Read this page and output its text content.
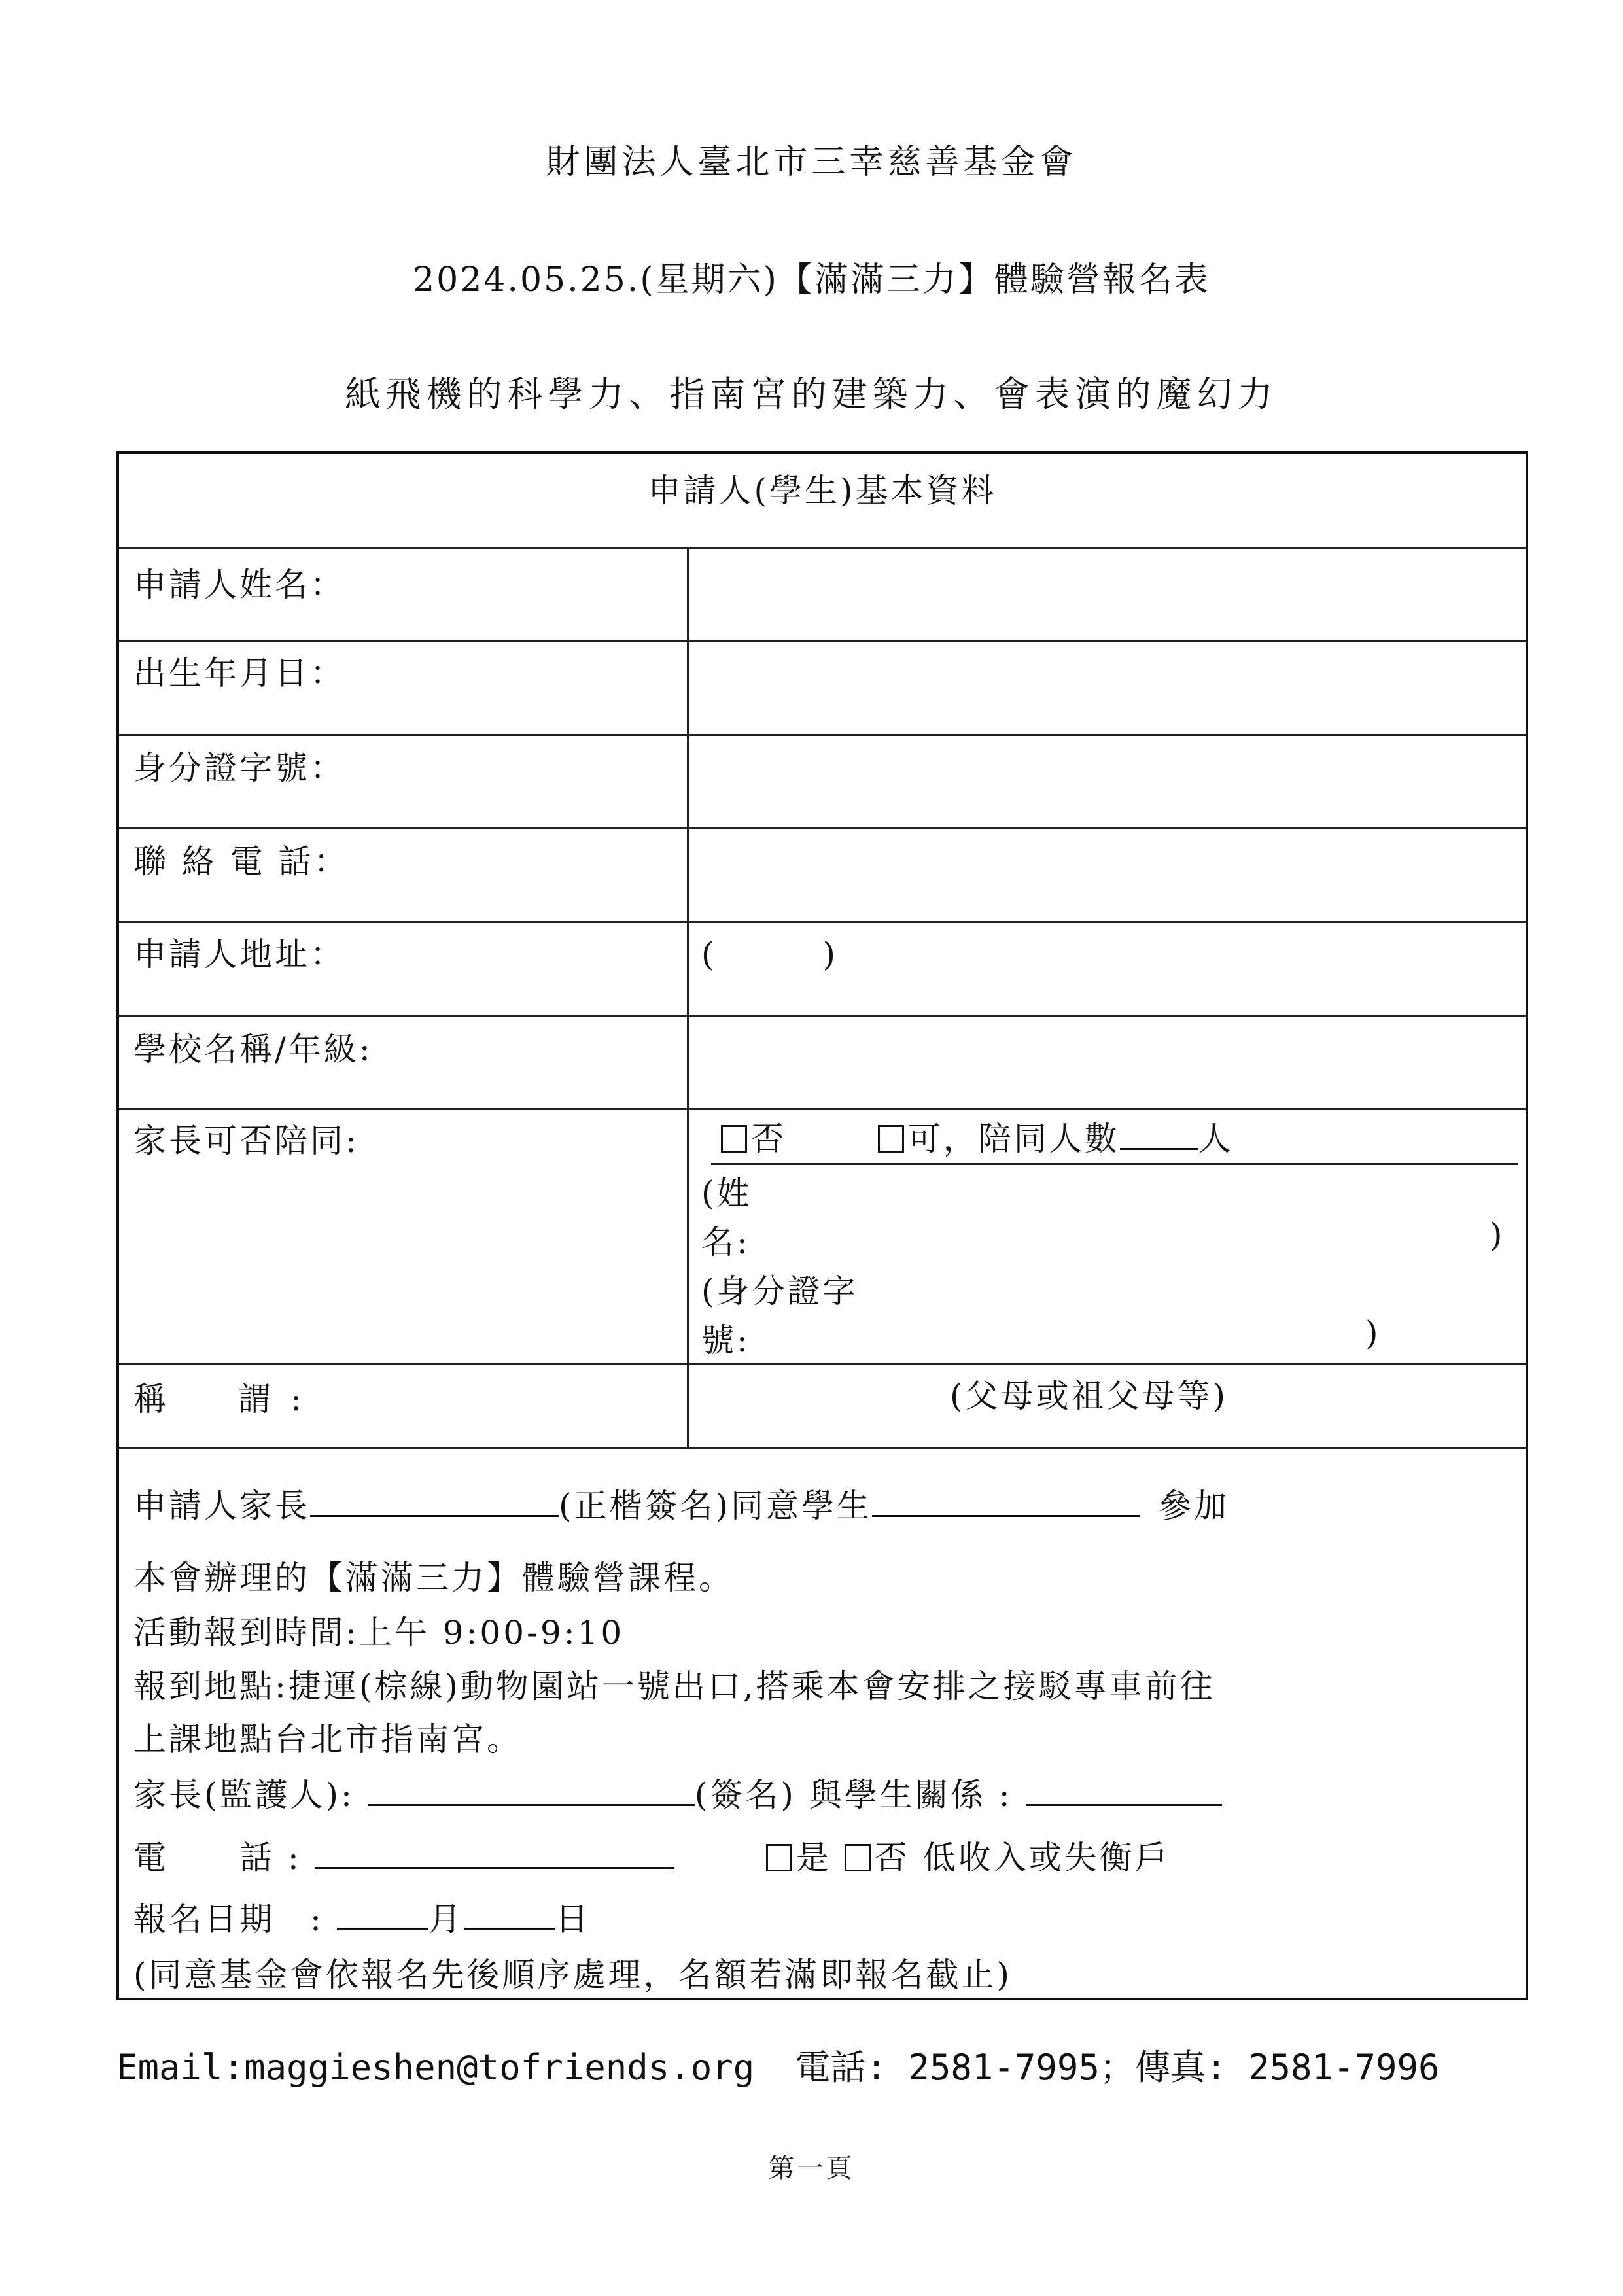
財團法人臺北市三幸慈善基金會
2024.05.25.(星期六)【滿滿三力】體驗營報名表
紙飛機的科學力、指南宮的建築力、會表演的魔幻力
申請人(學生)基本資料
申請人姓名：
出生年月日：
身分證字號：
聯 絡 電 話：
申請人地址：	(　　　)
學校名稱/年級:
家長可否陪同:	否	可，陪同人數 人
(姓
名:	)
(身分證字
號:	)
稱　謂:	(父母或祖父母等)
申請人家長	(正楷簽名)同意學生	參加
本會辦理的【滿滿三力】體驗營課程。
活動報到時間:上午 9:00-9:10
報到地點:捷運(棕線)動物園站一號出口,搭乘本會安排之接駁專車前往
上課地點台北市指南宮。
家長(監護人):	(簽名) 與學生關係 :
電　　話 :	是 否 低收入或失衡戶
報名日期　:	月	日
(同意基金會依報名先後順序處理，名額若滿即報名截止)
Email:maggieshen@tofriends.org 電話: 2581-7995；傳真: 2581-7996
第一頁
